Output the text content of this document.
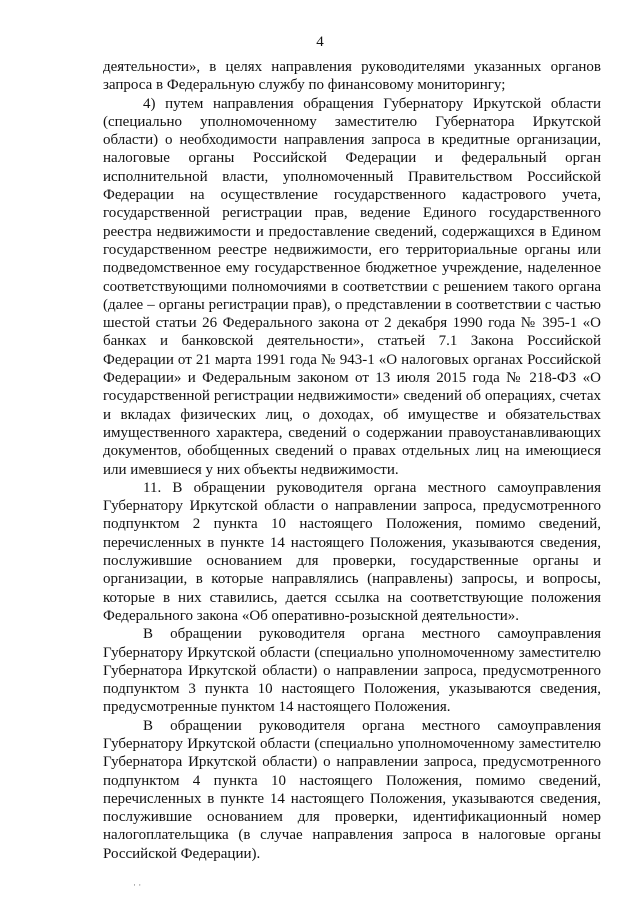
4

деятельности», в целях направления руководителями указанных органов запроса в Федеральную службу по финансовому мониторингу;

4) путем направления обращения Губернатору Иркутской области (специально уполномоченному заместителю Губернатора Иркутской области) о необходимости направления запроса в кредитные организации, налоговые органы Российской Федерации и федеральный орган исполнительной власти, уполномоченный Правительством Российской Федерации на осуществление государственного кадастрового учета, государственной регистрации прав, ведение Единого государственного реестра недвижимости и предоставление сведений, содержащихся в Едином государственном реестре недвижимости, его территориальные органы или подведомственное ему государственное бюджетное учреждение, наделенное соответствующими полномочиями в соответствии с решением такого органа (далее – органы регистрации прав), о представлении в соответствии с частью шестой статьи 26 Федерального закона от 2 декабря 1990 года № 395-1 «О банках и банковской деятельности», статьей 7.1 Закона Российской Федерации от 21 марта 1991 года № 943-1 «О налоговых органах Российской Федерации» и Федеральным законом от 13 июля 2015 года № 218-ФЗ «О государственной регистрации недвижимости» сведений об операциях, счетах и вкладах физических лиц, о доходах, об имуществе и обязательствах имущественного характера, сведений о содержании правоустанавливающих документов, обобщенных сведений о правах отдельных лиц на имеющиеся или имевшиеся у них объекты недвижимости.

11. В обращении руководителя органа местного самоуправления Губернатору Иркутской области о направлении запроса, предусмотренного подпунктом 2 пункта 10 настоящего Положения, помимо сведений, перечисленных в пункте 14 настоящего Положения, указываются сведения, послужившие основанием для проверки, государственные органы и организации, в которые направлялись (направлены) запросы, и вопросы, которые в них ставились, дается ссылка на соответствующие положения Федерального закона «Об оперативно-розыскной деятельности».

В обращении руководителя органа местного самоуправления Губернатору Иркутской области (специально уполномоченному заместителю Губернатора Иркутской области) о направлении запроса, предусмотренного подпунктом 3 пункта 10 настоящего Положения, указываются сведения, предусмотренные пунктом 14 настоящего Положения.

В обращении руководителя органа местного самоуправления Губернатору Иркутской области (специально уполномоченному заместителю Губернатора Иркутской области) о направлении запроса, предусмотренного подпунктом 4 пункта 10 настоящего Положения, помимо сведений, перечисленных в пункте 14 настоящего Положения, указываются сведения, послужившие основанием для проверки, идентификационный номер налогоплательщика (в случае направления запроса в налоговые органы Российской Федерации).

· ·
